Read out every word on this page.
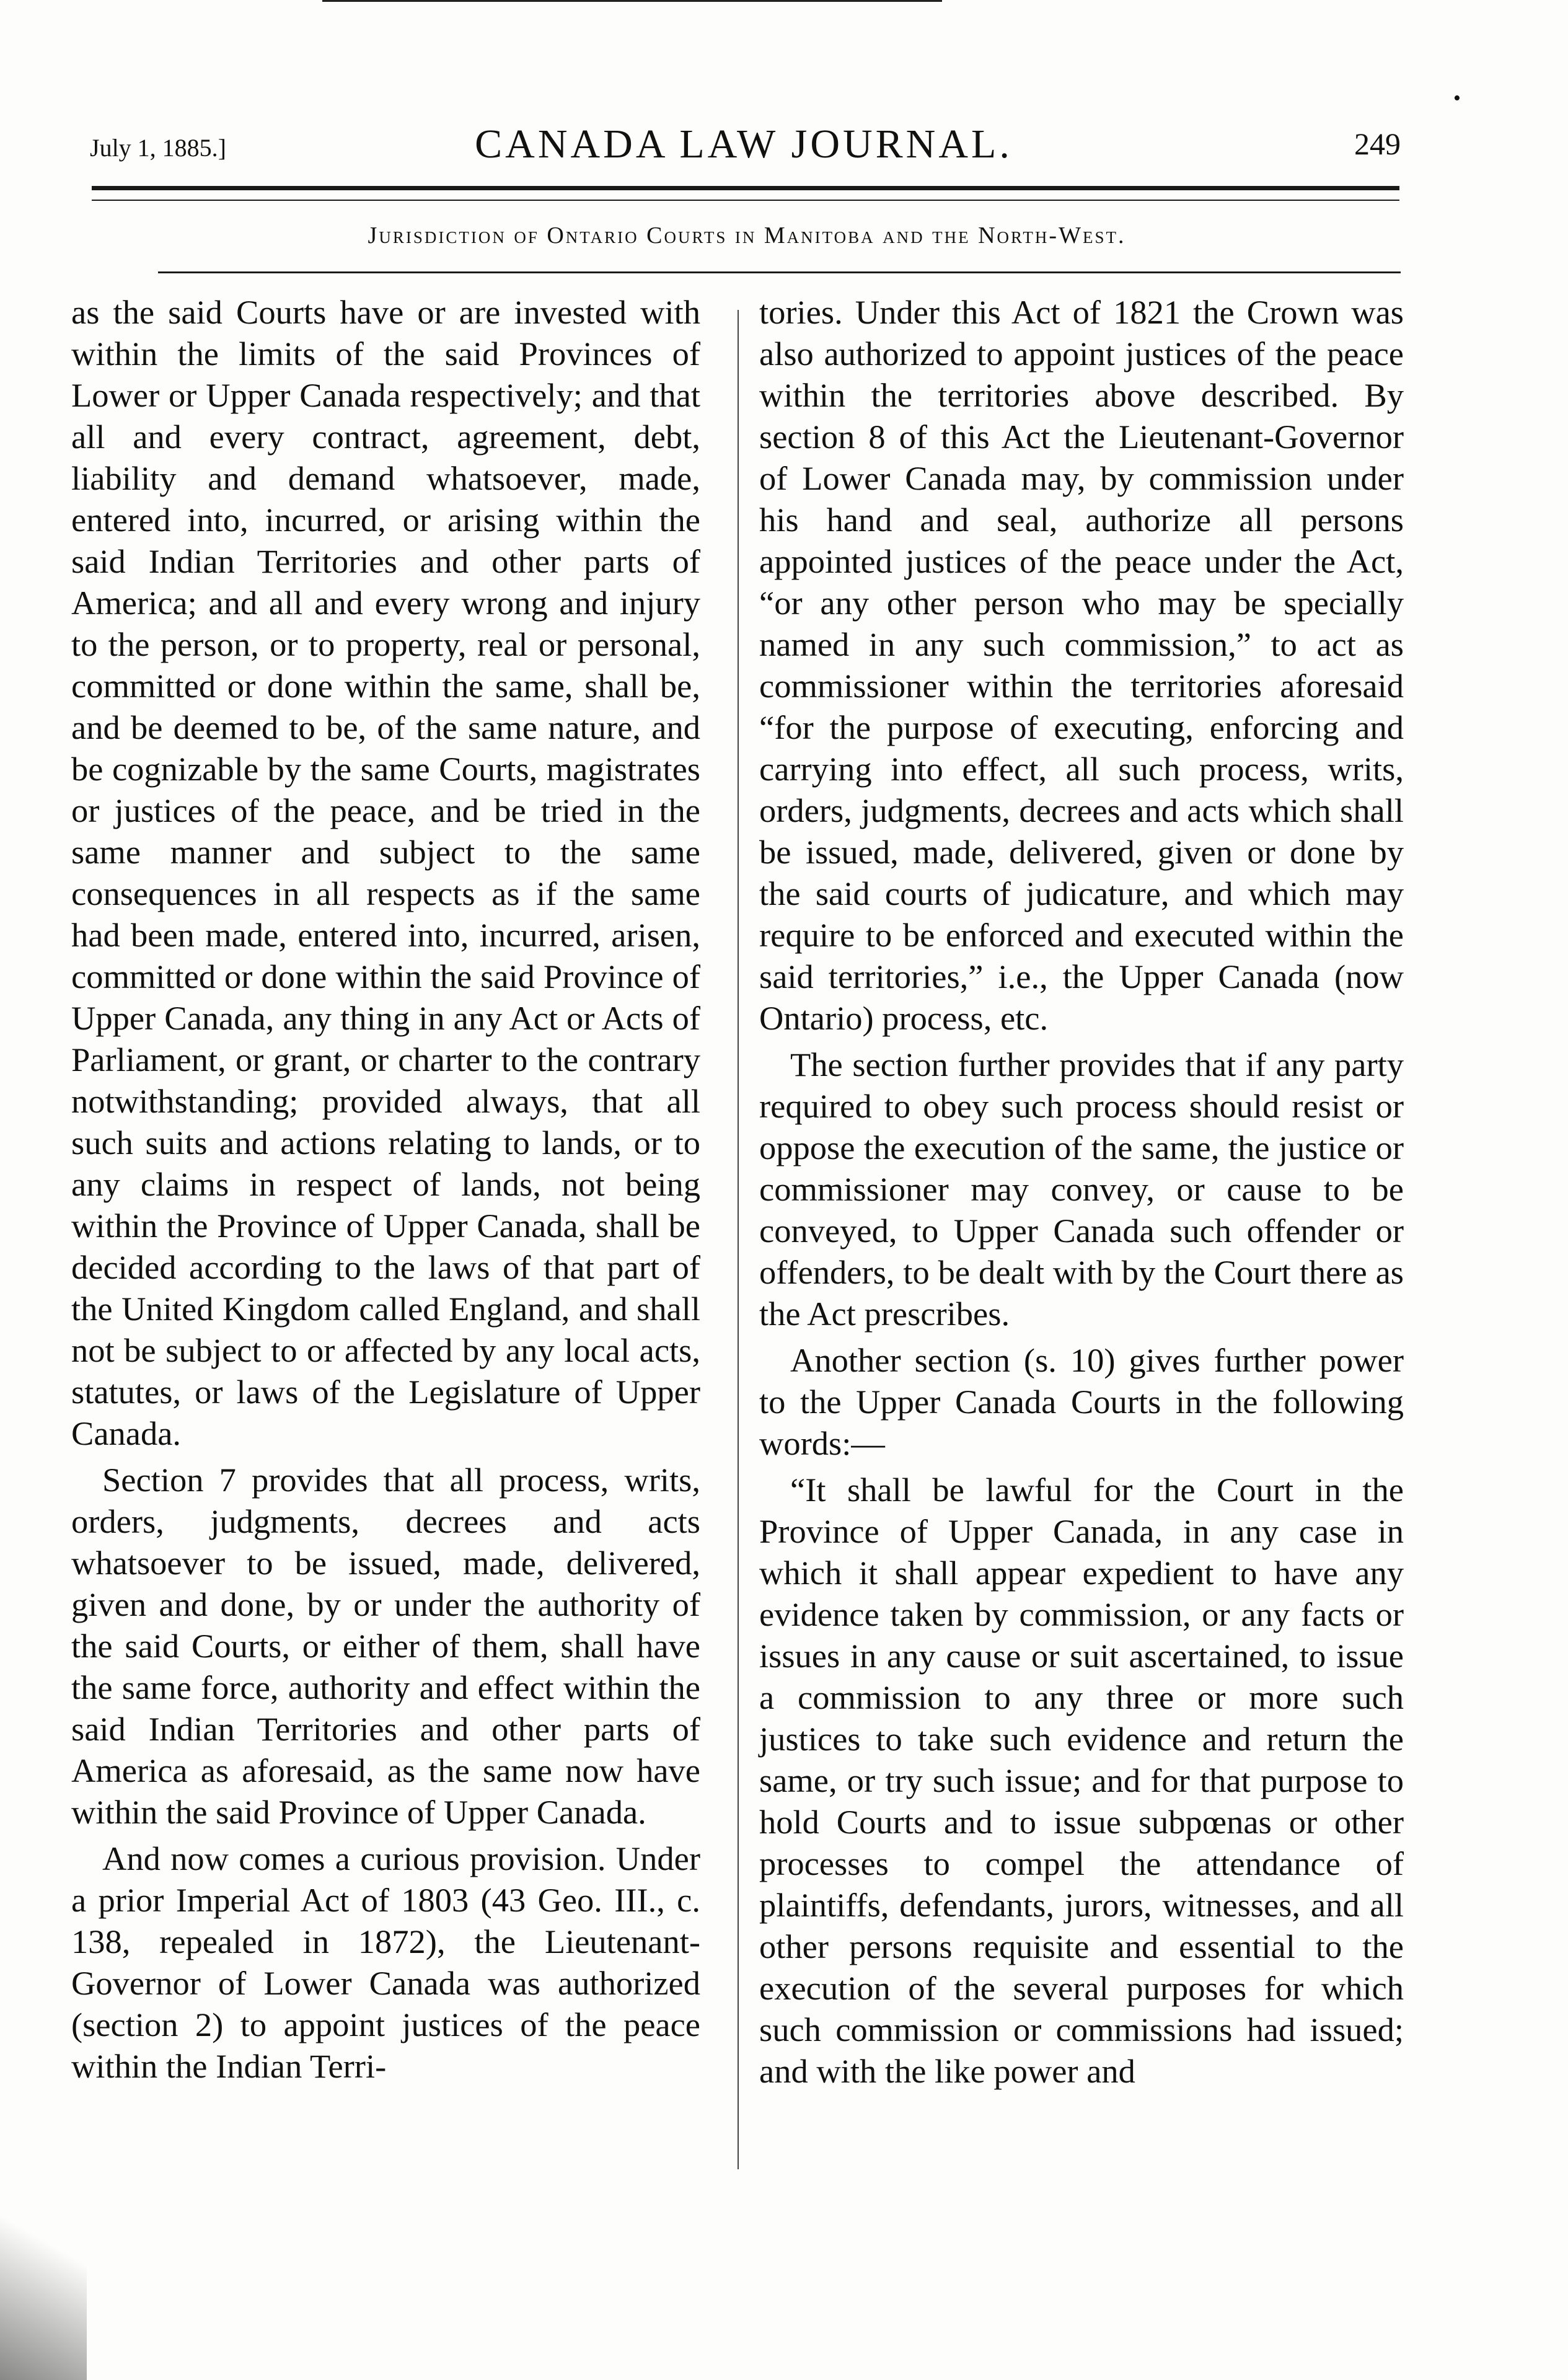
•
July 1, 1885.]	CANADA LAW JOURNAL.	249
Jurisdiction of Ontario Courts in Manitoba and the North-West.

as the said Courts have or are invested with within the limits of the said Provinces of Lower or Upper Canada respectively; and that all and every contract, agreement, debt, liability and demand whatsoever, made, entered into, incurred, or arising within the said Indian Territories and other parts of America; and all and every wrong and injury to the person, or to property, real or personal, committed or done within the same, shall be, and be deemed to be, of the same nature, and be cognizable by the same Courts, magistrates or justices of the peace, and be tried in the same manner and subject to the same consequences in all respects as if the same had been made, entered into, incurred, arisen, committed or done within the said Province of Upper Canada, any thing in any Act or Acts of Parliament, or grant, or charter to the contrary notwithstanding; provided always, that all such suits and actions relating to lands, or to any claims in respect of lands, not being within the Province of Upper Canada, shall be decided according to the laws of that part of the United Kingdom called England, and shall not be subject to or affected by any local acts, statutes, or laws of the Legislature of Upper Canada.

Section 7 provides that all process, writs, orders, judgments, decrees and acts whatsoever to be issued, made, delivered, given and done, by or under the authority of the said Courts, or either of them, shall have the same force, authority and effect within the said Indian Territories and other parts of America as aforesaid, as the same now have within the said Province of Upper Canada.

And now comes a curious provision. Under a prior Imperial Act of 1803 (43 Geo. III., c. 138, repealed in 1872), the Lieutenant-Governor of Lower Canada was authorized (section 2) to appoint justices of the peace within the Indian Terri-

tories. Under this Act of 1821 the Crown was also authorized to appoint justices of the peace within the territories above described. By section 8 of this Act the Lieutenant-Governor of Lower Canada may, by commission under his hand and seal, authorize all persons appointed justices of the peace under the Act, “or any other person who may be specially named in any such commission,” to act as commissioner within the territories aforesaid “for the purpose of executing, enforcing and carrying into effect, all such process, writs, orders, judgments, decrees and acts which shall be issued, made, delivered, given or done by the said courts of judicature, and which may require to be enforced and executed within the said territories,” i.e., the Upper Canada (now Ontario) process, etc.

The section further provides that if any party required to obey such process should resist or oppose the execution of the same, the justice or commissioner may convey, or cause to be conveyed, to Upper Canada such offender or offenders, to be dealt with by the Court there as the Act prescribes.

Another section (s. 10) gives further power to the Upper Canada Courts in the following words:—

“It shall be lawful for the Court in the Province of Upper Canada, in any case in which it shall appear expedient to have any evidence taken by commission, or any facts or issues in any cause or suit ascertained, to issue a commission to any three or more such justices to take such evidence and return the same, or try such issue; and for that purpose to hold Courts and to issue subpœnas or other processes to compel the attendance of plaintiffs, defendants, jurors, witnesses, and all other persons requisite and essential to the execution of the several purposes for which such commission or commissions had issued; and with the like power and
